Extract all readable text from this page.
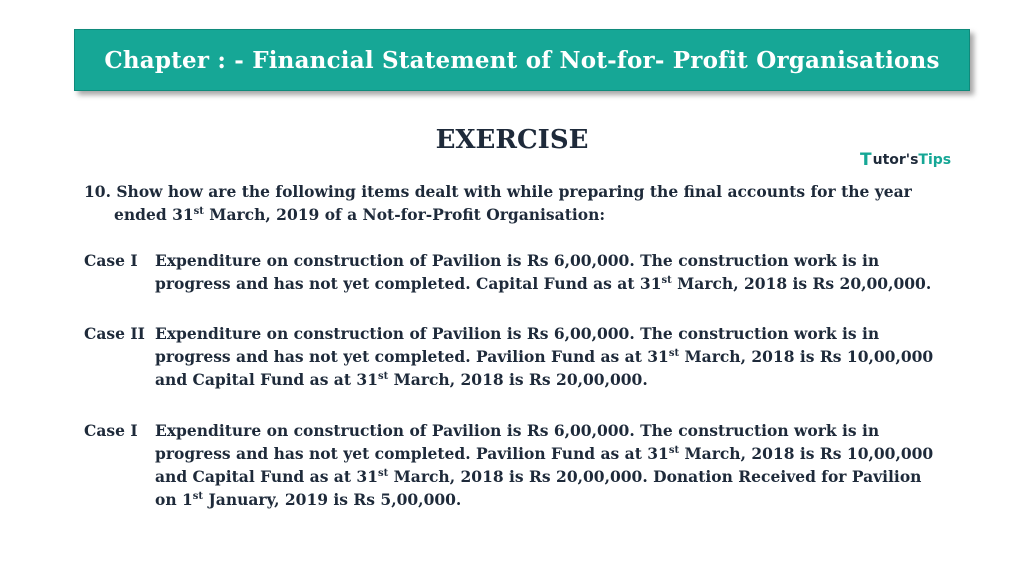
Chapter : - Financial Statement of Not-for- Profit Organisations
EXERCISE
T utor's Tips
10. Show how are the following items dealt with while preparing the final accounts for the year
ended 31st March, 2019 of a Not-for-Profit Organisation:
Case I	Expenditure on construction of Pavilion is Rs 6,00,000. The construction work is in
progress and has not yet completed. Capital Fund as at 31st March, 2018 is Rs 20,00,000.
Case II Expenditure on construction of Pavilion is Rs 6,00,000. The construction work is in
progress and has not yet completed. Pavilion Fund as at 31st March, 2018 is Rs 10,00,000
and Capital Fund as at 31st March, 2018 is Rs 20,00,000.
Case I	Expenditure on construction of Pavilion is Rs 6,00,000. The construction work is in
progress and has not yet completed. Pavilion Fund as at 31st March, 2018 is Rs 10,00,000
and Capital Fund as at 31st March, 2018 is Rs 20,00,000. Donation Received for Pavilion
on 1st January, 2019 is Rs 5,00,000.
